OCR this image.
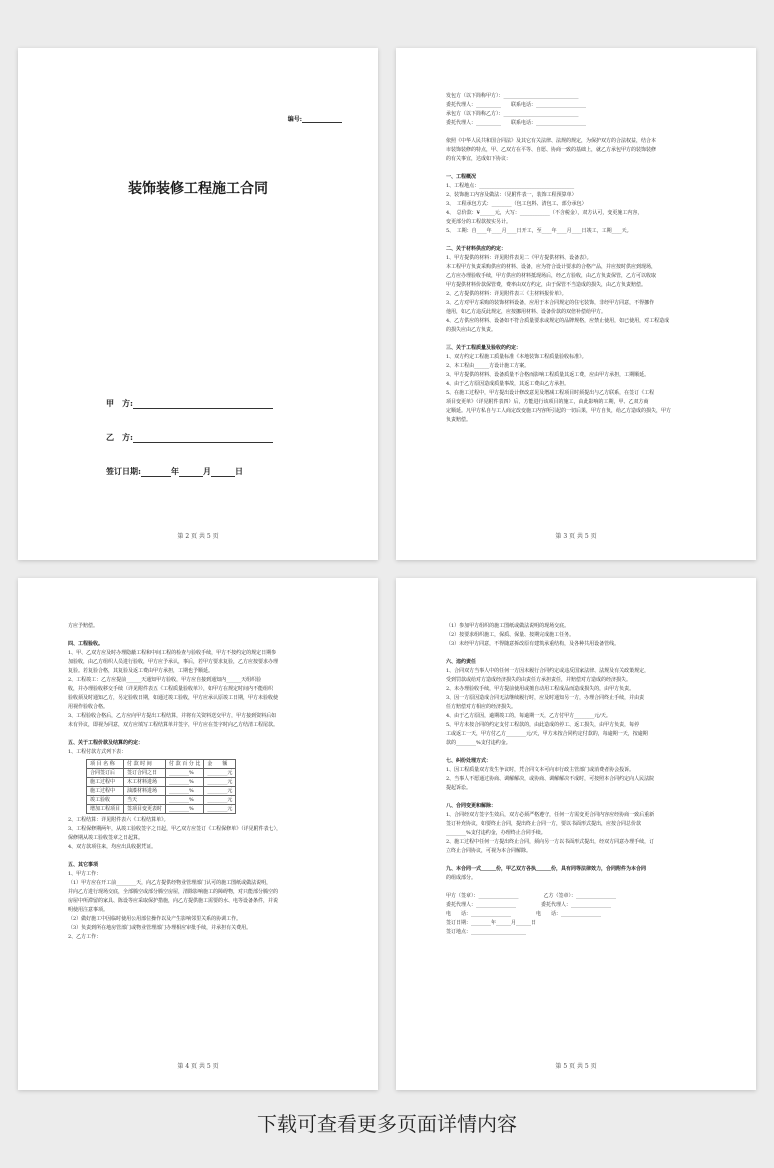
编号:
装饰装修工程施工合同
甲　方:
乙　方:
签订日期:	年	月	日
第 2 页 共 5 页
发包方（以下简称甲方）：______________________________
委托代理人：__________　　联系电话：____________________
承包方（以下简称乙方）：______________________________
委托代理人：__________　　联系电话：____________________
依照《中华人民共和国合同法》及其它有关法律、法规的规定，为保护双方的合法权益，结合本
市装饰装修的特点，甲、乙双方在平等、自愿、协商一致的基础上，就乙方承包甲方的装饰装修
的有关事宜，达成如下协议：
一、工程概况
1、工程地点：______________________________________
2、装饰施工内容及做法：（见附件表一，装饰工程预算单）
3、　工程承包方式：________（包工包料、清包工、部分承包）
4、　总价款：¥______元，大写：____________（不含税金），双方认可，变更施工内容，
变更部分的工程款按实另计。
5、　工期：自____年____月____日开工，至____年____月____日竣工，工期____天。
二、关于材料供应的约定：
1、甲方提供的材料：详见附件表见二《甲方提供材料、设备表》。
本工程甲方负责采购供应的材料、设备，应为符合设计要求的合格产品，并应按时供应到现场，
乙方应办理验收手续，甲方供应的材料抵现场后，经乙方验收，由乙方负责保管，乙方可以收取
甲方提供材料价款保管费，费率由双方约定，由于保管不当造成的损失，由乙方负责赔偿。
2、乙方提供的材料：详见附件表三《主材料报价单》。
3、乙方对甲方采购的装饰材料设备，应用于本合同规定的住宅装饰，非经甲方同意，不得挪作
他用，如乙方违反此规定，应按挪用材料、设备价款的双倍补偿给甲方。
4、乙方供应的材料、设备如不符合质量要求或规定的品牌规格，应禁止使用，如已使用，对工程造成
的损失应由乙方负责。
三、关于工程质量及验收的约定：
1、双方约定工程施工质量标准《本地装饰工程质量验收标准》。
2、本工程由______方设计施工方案。
3、甲方提供的材料、设备质量不合格而影响工程质量其返工费，应由甲方承担，工期顺延。
4、由于乙方原因造成质量事故，其返工费由乙方承担。
5、在施工过程中，甲方提出设计修改意见及增减工程项目时须提出与乙方联系，在签订《工程
项目变更单》（详见附件表四）后，方能进行该项目的施工，由此影响的工期，甲、乙双方商
定顺延。凡甲方私自与工人商定改变施工内容所引起的一切后果，甲方自负，给乙方造成的损失，甲方
负责赔偿。
第 3 页 共 5 页
方应予赔偿。
四、工程验收。
1、甲、乙双方应及时办理隐蔽工程和中间工程的检查与验收手续，甲方不按约定的规定日期参
加验收，由乙方组织人员进行验收，甲方应予承认，事后，若甲方要求复验，乙方应按要求办理
复验。若复验合格，其复验及返工费由甲方承担，工期也予顺延。
2、工程竣工：乙方应提前______天通知甲方验收，甲方应自接到通知内______天组织验
收，并办理验收移交手续（详见附件表五《工程质量验收单》），如甲方在规定时间内不能组织
验收须及时通知乙方，另定验收日期，如通过竣工验收，甲方应承认原竣工日期，甲方未验收使
用视作验收合格。
3、工程验收合格后，乙方应向甲方提出工程结算，并将有关资料送交甲方，甲方接到资料后如
未有异议，即视为同意，双方应填写工程结算单并签字，甲方应在签字时向乙方结清工程尾款。
五、关于工程价款及结算的约定：
1、工程付款方式列下表：
项 目 名 称	付 款 时 间	付 款 百 分 比	金　　额
合同签订后	签订合同之日	________%	________元
施工过程中	木工材料进场	________%	________元
施工过程中	油漆材料进场	________%	________元
竣工验收	当天	________%	________元
增加工程项目	签项目变更表时	________%	________元
2、工程结算：详见附件表六《工程结算单》。
3、工程保修期两年，从竣工验收签字之日起，甲乙双方应签订《工程保修单》（详见附件表七），
保修期从竣工验收签章之日起算。
4、双方款项往来，均应出具收据凭证。
五、其它事项
1、甲方工作：
（1）甲方应在开工前________天，向乙方提供经物业管理部门认可的施工图纸或做法说明，
并向乙方进行现场交底，全部腾空或部分腾空房屋，清除影响施工的障碍物，对只能部分腾空的
房屋中所滞留的家具、陈设等应采取保护措施，向乙方提供施工需要的水、电等设备条件，并说
明使用注意事项。
（2）做好施工中因临时使用公用部位操作以及产生影响邻里关系的协调工作。
（3）负责到所在地房管部门或物业管理部门办理相应审批手续，并承担有关费用。
2、乙方工作：
第 4 页 共 5 页
（1）参加甲方组织的施工图纸或做法说明的现场交底。
（2）按要求组织施工，保质、保量、按期完成施工任务。
（3）未经甲方同意，不得随意拆改原有建筑承重结构，及各种共用设备管线。
六、违约责任
1、合同双方当事人中的任何一方因未履行合同约定或违反国家法律、法规及有关政策规定，
受到罚款或给对方造成经济损失的由责任方承担责任，并赔偿对方造成的经济损失。
2、未办理验收手续，甲方提前使用或擅自动用工程成品而造成损失的，由甲方负责。
3、因一方原因造成合同无法继续履行时，应及时通知另一方，办理合同终止手续，并由责
任方赔偿对方相应的经济损失。
4、由于乙方原因，逾期竣工的，每逾期一天，乙方付甲方________元/天。
5、甲方未按合同的约定支付工程款的，由此造成的停工、返工损失，由甲方负责，每停
工或返工一天，甲方付乙方________元/天，甲方未按合同约定付款的，每逾期一天，按逾期
款的________%支付违约金。
七、纠纷处理方式：
1、因工程质量双方发生争议时，凭合同文本可向市行政主管部门或消费者协会投诉。
2、当事人不愿通过协商、调解解决，或协商、调解解决不成时，可按照本合同约定向人民法院
提起诉讼。
八、合同变更和解除：
1、合同经双方签字生效后，双方必须严格遵守，任何一方需变更合同内容应经协商一致后重新
签订补充协议，如要终止合同，提出终止合同一方，要以书面形式提出，应按合同总价款
________%支付违约金，办理终止合同手续。
2、施工过程中任何一方提出终止合同，须向另一方以书面形式提出，经双方同意办理手续，订
立终止合同协议，可视为本合同解除。
九、本合同一式______份，甲乙双方各执______份，具有同等法律效力，合同附件为本合同
的组成部分。
甲方（签章）：________________　　　　　乙方（签章）：________________
委托代理人：________________　　　　　委托代理人：________________
电　　话：________________　　　　　电　　话：________________
签订日期：________年______月______日
签订地点：______________________
第 5 页 共 5 页
下载可查看更多页面详情内容
